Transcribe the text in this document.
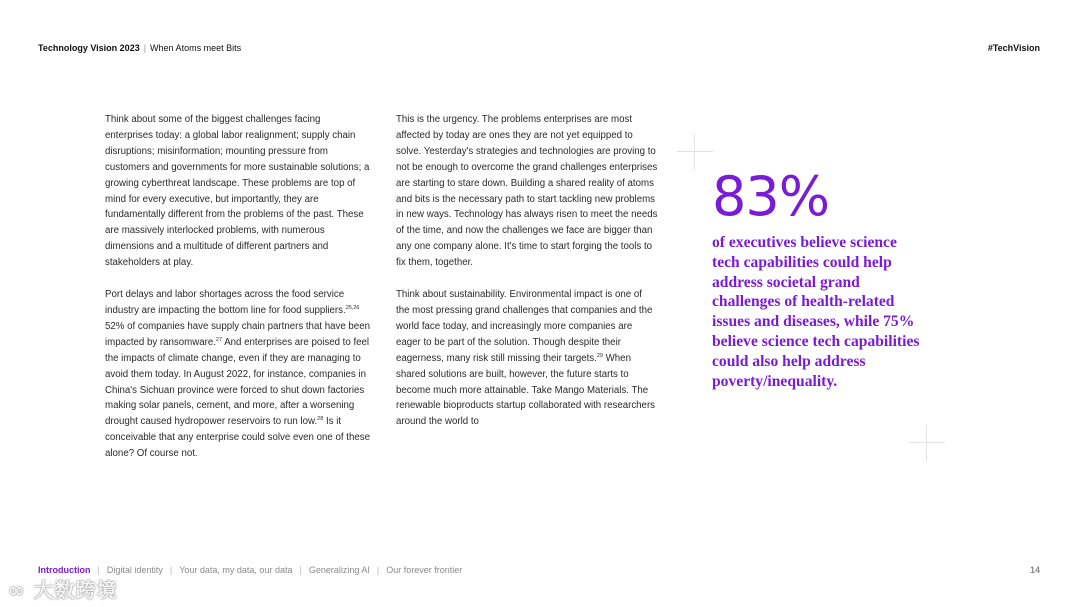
Technology Vision 2023 | When Atoms meet Bits	#TechVision

Think about some of the biggest challenges facing enterprises today: a global labor realignment; supply chain disruptions; misinformation; mounting pressure from customers and governments for more sustainable solutions; a growing cyberthreat landscape. These problems are top of mind for every executive, but importantly, they are fundamentally different from the problems of the past. These are massively interlocked problems, with numerous dimensions and a multitude of different partners and stakeholders at play.

Port delays and labor shortages across the food service industry are impacting the bottom line for food suppliers.$^{25,26}$ 52% of companies have supply chain partners that have been impacted by ransomware.$^{27}$ And enterprises are poised to feel the impacts of climate change, even if they are managing to avoid them today. In August 2022, for instance, companies in China's Sichuan province were forced to shut down factories making solar panels, cement, and more, after a worsening drought caused hydropower reservoirs to run low.$^{28}$ Is it conceivable that any enterprise could solve even one of these alone? Of course not.

This is the urgency. The problems enterprises are most affected by today are ones they are not yet equipped to solve. Yesterday's strategies and technologies are proving to not be enough to overcome the grand challenges enterprises are starting to stare down. Building a shared reality of atoms and bits is the necessary path to start tackling new problems in new ways. Technology has always risen to meet the needs of the time, and now the challenges we face are bigger than any one company alone. It's time to start forging the tools to fix them, together.

Think about sustainability. Environmental impact is one of the most pressing grand challenges that companies and the world face today, and increasingly more companies are eager to be part of the solution. Though despite their eagerness, many risk still missing their targets.$^{29}$ When shared solutions are built, however, the future starts to become much more attainable. Take Mango Materials. The renewable bioproducts startup collaborated with researchers around the world to

83%
of executives believe science tech capabilities could help address societal grand challenges of health-related issues and diseases, while 75% believe science tech capabilities could also help address poverty/inequality.
Introduction | Digital identity | Your data, my data, our data | Generalizing AI | Our forever frontier	14
∞ 大数跨境
